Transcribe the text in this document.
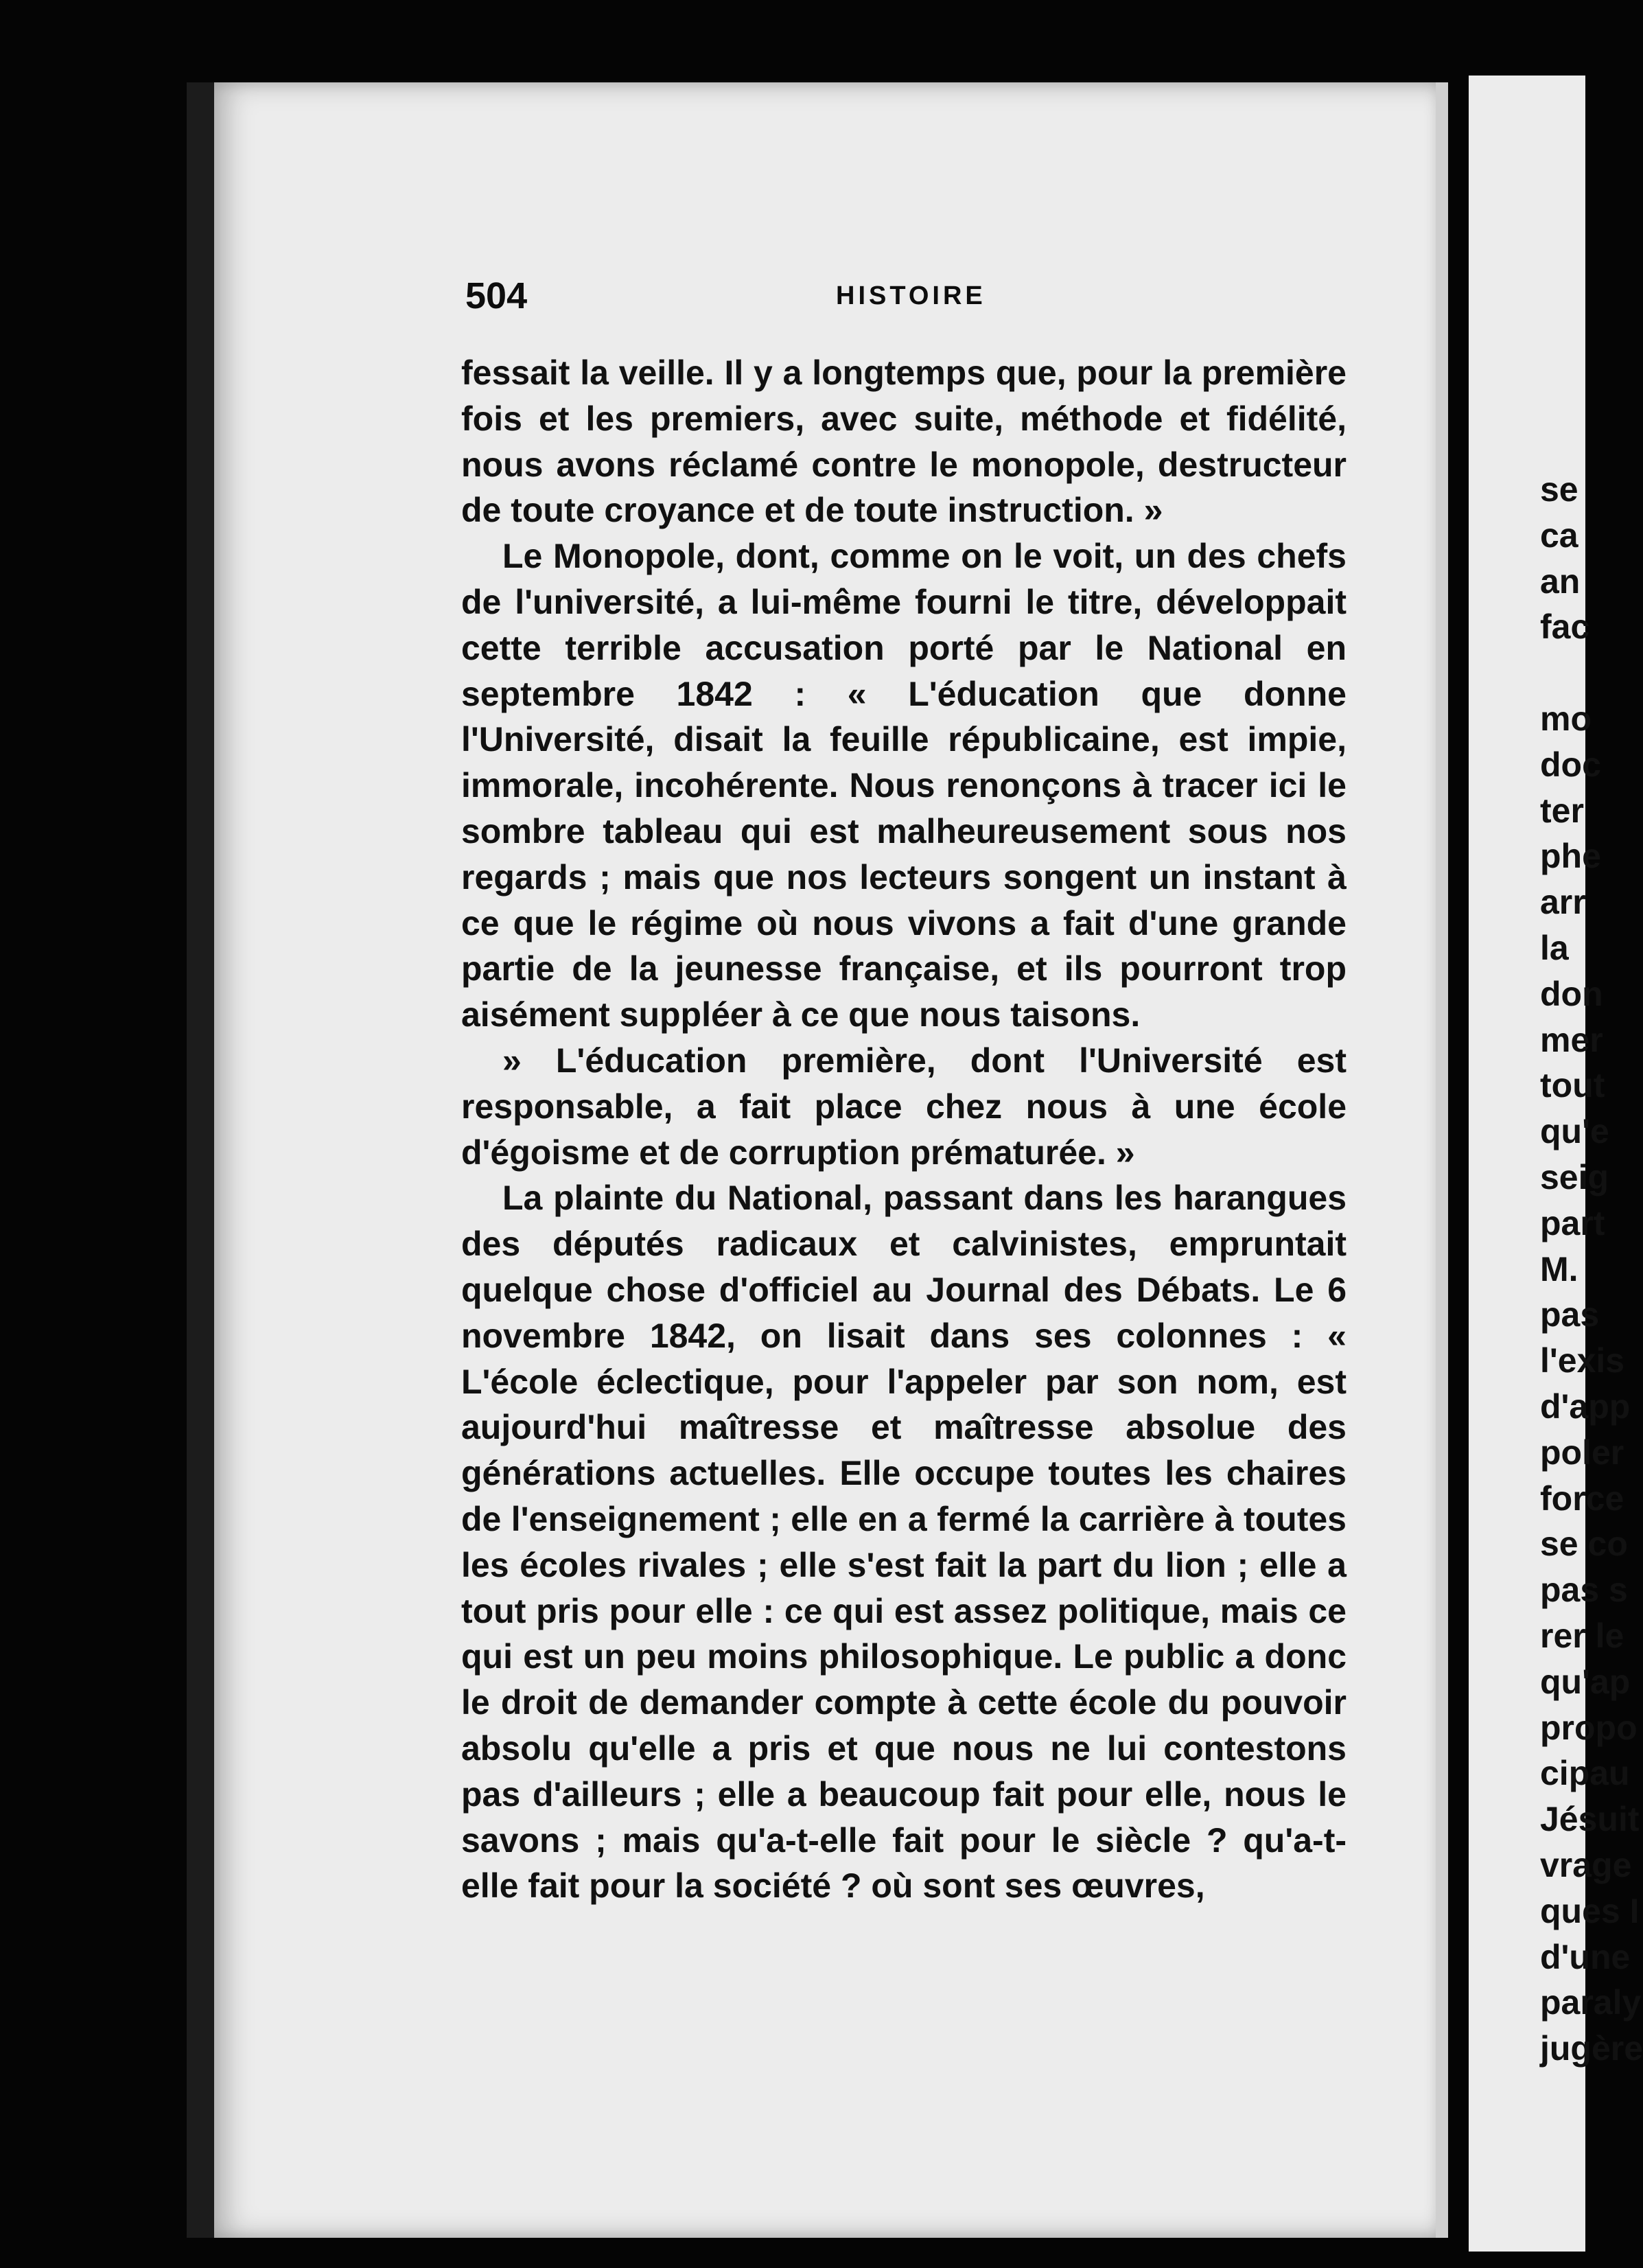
504	HISTOIRE

fessait la veille. Il y a longtemps que, pour la première fois et les premiers, avec suite, méthode et fidélité, nous avons réclamé contre le monopole, destructeur de toute croyance et de toute instruction. »

Le Monopole, dont, comme on le voit, un des chefs de l'université, a lui-même fourni le titre, développait cette terrible accusation porté par le National en septembre 1842 : « L'éducation que donne l'Université, disait la feuille républicaine, est impie, immorale, incohérente. Nous renonçons à tracer ici le sombre tableau qui est malheureusement sous nos regards ; mais que nos lecteurs songent un instant à ce que le régime où nous vivons a fait d'une grande partie de la jeunesse française, et ils pourront trop aisément suppléer à ce que nous taisons.

» L'éducation première, dont l'Université est responsable, a fait place chez nous à une école d'égoisme et de corruption prématurée. »

La plainte du National, passant dans les harangues des députés radicaux et calvinistes, empruntait quelque chose d'officiel au Journal des Débats. Le 6 novembre 1842, on lisait dans ses colonnes : « L'école éclectique, pour l'appeler par son nom, est aujourd'hui maîtresse et maîtresse absolue des générations actuelles. Elle occupe toutes les chaires de l'enseignement ; elle en a fermé la carrière à toutes les écoles rivales ; elle s'est fait la part du lion ; elle a tout pris pour elle : ce qui est assez politique, mais ce qui est un peu moins philosophique. Le public a donc le droit de demander compte à cette école du pouvoir absolu qu'elle a pris et que nous ne lui contestons pas d'ailleurs ; elle a beaucoup fait pour elle, nous le savons ; mais qu'a-t-elle fait pour le siècle ? qu'a-t-elle fait pour la société ? où sont ses œuvres,

se
ca
an
fac
mo
doc
ter
phe
arr
la
don
mer
tout
qu'e
seig
part
M.
pas
l'exis
d'app
poler
force
se co
pas s
rer le
qu'ap
propo
cipau
Jésuit
vrage
ques I
d'une
paraly
jugère
